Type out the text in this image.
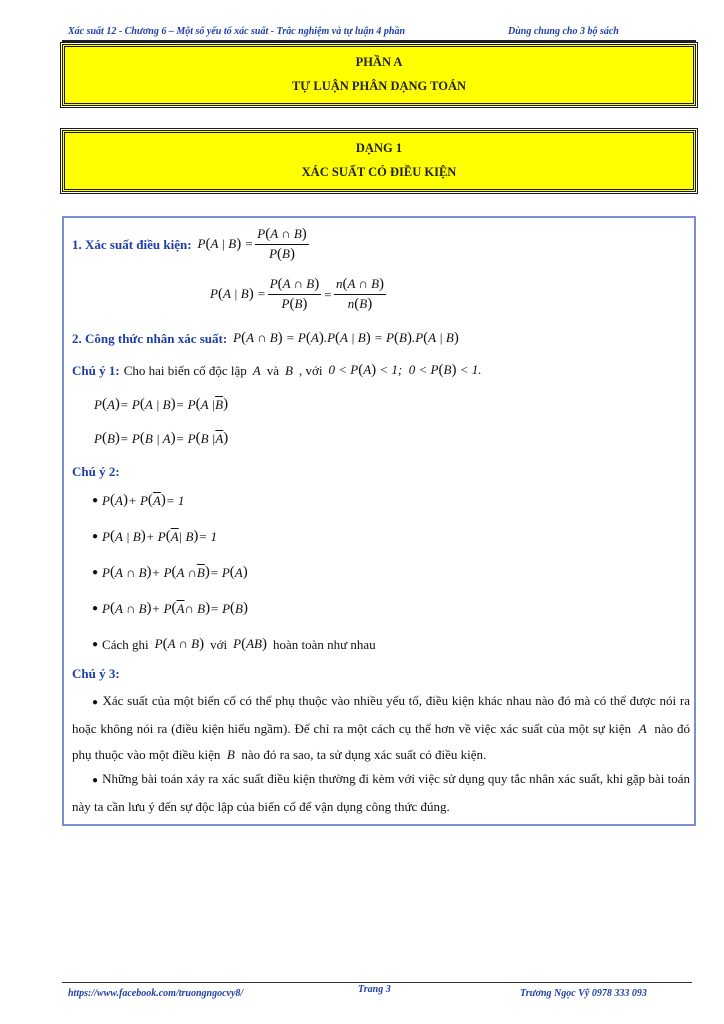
Xác suất 12 - Chương 6 – Một số yếu tố xác suất - Trắc nghiệm và tự luận 4 phần	Dùng chung cho 3 bộ sách
PHẦN A
TỰ LUẬN PHÂN DẠNG TOÁN
DẠNG 1
XÁC SUẤT CÓ ĐIỀU KIỆN
1. Xác suất điều kiện: P(A | $B) = \frac{P(A \cap B)}{P(B)}$
P(A | $B) = \frac{P(A \cap B)}{P(B)} = \frac{n(A \cap B)}{n(B)}$
2. Công thức nhân xác suất: P(A ∩ B) = P(A).P(A | B) = P(B).P(A | B)
Chú ý 1: Cho hai biến cố độc lập A và B , với 0 < P(A) < 1;  0 < P(B) < 1.
P ( A ) = P ( A | B ) = P ( A | $\overline{B}$ )
P ( B ) = P ( B | A ) = P ( B | $\overline{A}$ )
Chú ý 2:
● P ( A ) + P ( $\overline{A}$ ) = 1
● P ( A | B ) + P ( $\overline{A}$ | B ) = 1
● P ( A ∩ B ) + P ( A ∩ $\overline{B}$ ) = P ( A )
● P ( A ∩ B ) + P ( $\overline{A}$ ∩ B ) = P ( B )
● Cách ghi P(A ∩ B) với P(AB) hoàn toàn như nhau
Chú ý 3:
● Xác suất của một biến cố có thể phụ thuộc vào nhiều yếu tố, điều kiện khác nhau nào đó mà có thể được nói ra hoặc không nói ra (điều kiện hiểu ngầm). Để chỉ ra một cách cụ thể hơn về việc xác suất của một sự kiện  A  nào đó phụ thuộc vào một điều kiện  B  nào đó ra sao, ta sử dụng xác suất có điều kiện.
● Những bài toán xảy ra xác suất điều kiện thường đi kèm với việc sử dụng quy tắc nhân xác suất, khi gặp bài toán này ta cần lưu ý đến sự độc lập của biến cố để vận dụng công thức đúng.
https://www.facebook.com/truongngocvy8/	Trang 3	Trương Ngọc Vỹ 0978 333 093
